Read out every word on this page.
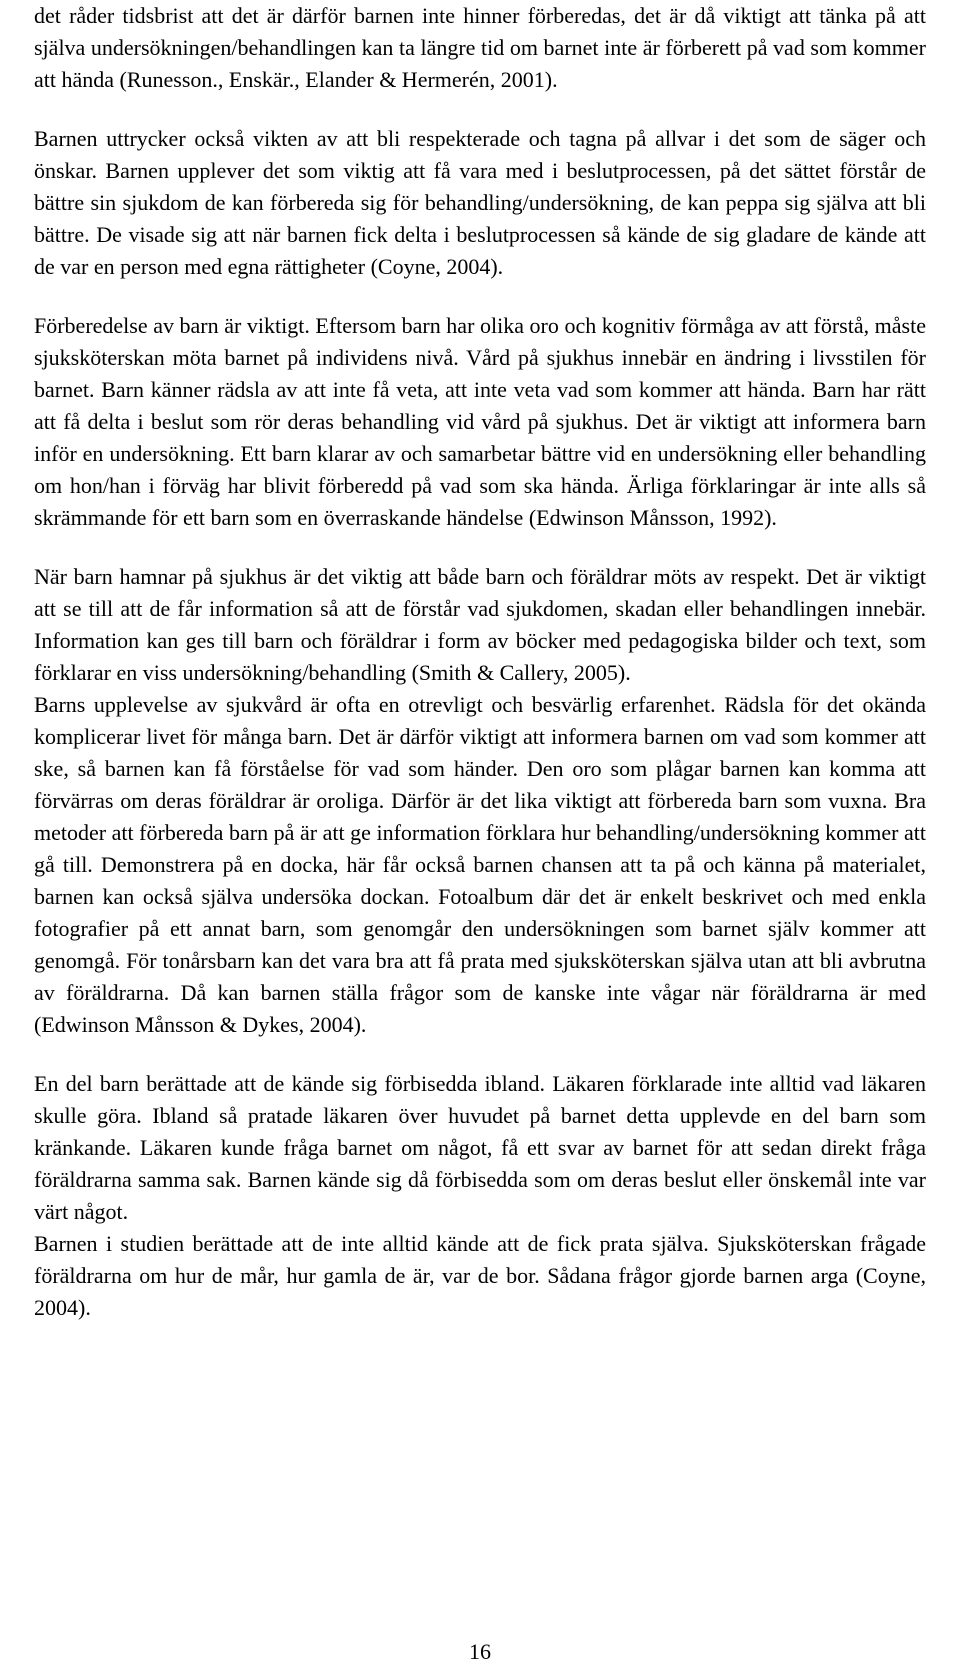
det råder tidsbrist att det är därför barnen inte hinner förberedas, det är då viktigt att tänka på att själva undersökningen/behandlingen kan ta längre tid om barnet inte är förberett på vad som kommer att hända (Runesson., Enskär., Elander & Hermerén, 2001).

Barnen uttrycker också vikten av att bli respekterade och tagna på allvar i det som de säger och önskar. Barnen upplever det som viktig att få vara med i beslutprocessen, på det sättet förstår de bättre sin sjukdom de kan förbereda sig för behandling/undersökning, de kan peppa sig själva att bli bättre. De visade sig att när barnen fick delta i beslutprocessen så kände de sig gladare de kände att de var en person med egna rättigheter (Coyne, 2004).

Förberedelse av barn är viktigt. Eftersom barn har olika oro och kognitiv förmåga av att förstå, måste sjuksköterskan möta barnet på individens nivå. Vård på sjukhus innebär en ändring i livsstilen för barnet. Barn känner rädsla av att inte få veta, att inte veta vad som kommer att hända. Barn har rätt att få delta i beslut som rör deras behandling vid vård på sjukhus. Det är viktigt att informera barn inför en undersökning. Ett barn klarar av och samarbetar bättre vid en undersökning eller behandling om hon/han i förväg har blivit förberedd på vad som ska hända. Ärliga förklaringar är inte alls så skrämmande för ett barn som en överraskande händelse (Edwinson Månsson, 1992).

När barn hamnar på sjukhus är det viktig att både barn och föräldrar möts av respekt. Det är viktigt att se till att de får information så att de förstår vad sjukdomen, skadan eller behandlingen innebär. Information kan ges till barn och föräldrar i form av böcker med pedagogiska bilder och text, som förklarar en viss undersökning/behandling (Smith & Callery, 2005).

Barns upplevelse av sjukvård är ofta en otrevligt och besvärlig erfarenhet. Rädsla för det okända komplicerar livet för många barn. Det är därför viktigt att informera barnen om vad som kommer att ske, så barnen kan få förståelse för vad som händer. Den oro som plågar barnen kan komma att förvärras om deras föräldrar är oroliga. Därför är det lika viktigt att förbereda barn som vuxna. Bra metoder att förbereda barn på är att ge information förklara hur behandling/undersökning kommer att gå till. Demonstrera på en docka, här får också barnen chansen att ta på och känna på materialet, barnen kan också själva undersöka dockan. Fotoalbum där det är enkelt beskrivet och med enkla fotografier på ett annat barn, som genomgår den undersökningen som barnet själv kommer att genomgå. För tonårsbarn kan det vara bra att få prata med sjuksköterskan själva utan att bli avbrutna av föräldrarna. Då kan barnen ställa frågor som de kanske inte vågar när föräldrarna är med (Edwinson Månsson & Dykes, 2004).

En del barn berättade att de kände sig förbisedda ibland. Läkaren förklarade inte alltid vad läkaren skulle göra. Ibland så pratade läkaren över huvudet på barnet detta upplevde en del barn som kränkande. Läkaren kunde fråga barnet om något, få ett svar av barnet för att sedan direkt fråga föräldrarna samma sak. Barnen kände sig då förbisedda som om deras beslut eller önskemål inte var värt något.

Barnen i studien berättade att de inte alltid kände att de fick prata själva. Sjuksköterskan frågade föräldrarna om hur de mår, hur gamla de är, var de bor. Sådana frågor gjorde barnen arga (Coyne, 2004).

16
